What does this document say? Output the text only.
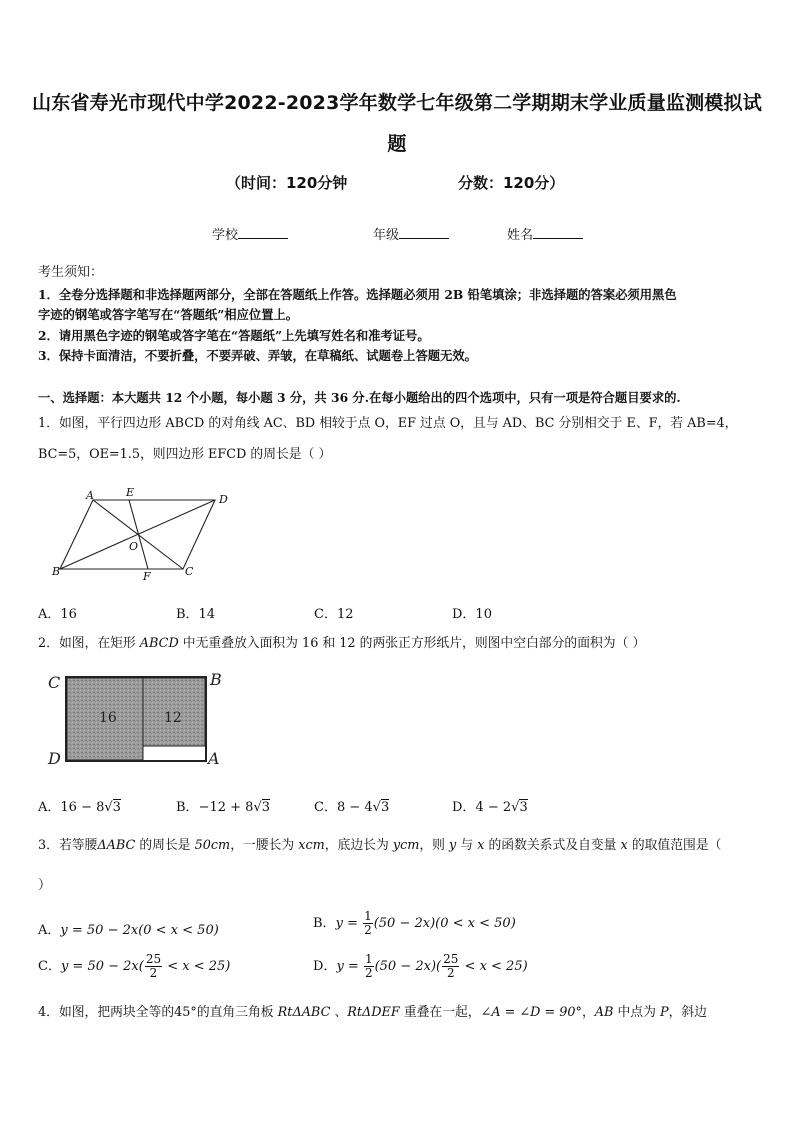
山东省寿光市现代中学2022-2023学年数学七年级第二学期期末学业质量监测模拟试
题
（时间：120分钟	分数：120分）
学校	年级	姓名
考生须知：
1．全卷分选择题和非选择题两部分，全部在答题纸上作答。选择题必须用 2B 铅笔填涂；非选择题的答案必须用黑色
字迹的钢笔或答字笔写在“答题纸”相应位置上。
2．请用黑色字迹的钢笔或答字笔在“答题纸”上先填写姓名和准考证号。
3．保持卡面清洁，不要折叠，不要弄破、弄皱，在草稿纸、试题卷上答题无效。
一、选择题：本大题共 12 个小题，每小题 3 分，共 36 分.在每小题给出的四个选项中，只有一项是符合题目要求的.
1．如图，平行四边形 ABCD 的对角线 AC、BD 相较于点 O，EF 过点 O，且与 AD、BC 分别相交于 E、F，若 AB=4，
BC=5，OE=1.5，则四边形 EFCD 的周长是（ ）
A	E
D
O
B	F	C
A．16	B．14	C．12	D．10
2．如图，在矩形 ABCD 中无重叠放入面积为 16 和 12 的两张正方形纸片，则图中空白部分的面积为（ ）
16	12
C	B
D	A
A．16 − 8√3	B．−12 + 8√3	C．8 − 4√3	D．4 − 2√3
3．若等腰ΔABC 的周长是 50cm，一腰长为 xcm，底边长为 ycm，则 y 与 x 的函数关系式及自变量 x 的取值范围是（
）
A．y = 50 − 2x(0 < x < 50)	B．$y = \frac{1}{2} (50 - 2x)(0 < x < 50)$
C．$y = 50 - 2x( \frac{25}{2} < x < 25)$	D．$y = \frac{1}{2} (50 - 2x)( \frac{25}{2} < x < 25)$
4．如图，把两块全等的45°的直角三角板 RtΔABC 、RtΔDEF 重叠在一起，∠A = ∠D = 90°，AB 中点为 P，斜边
